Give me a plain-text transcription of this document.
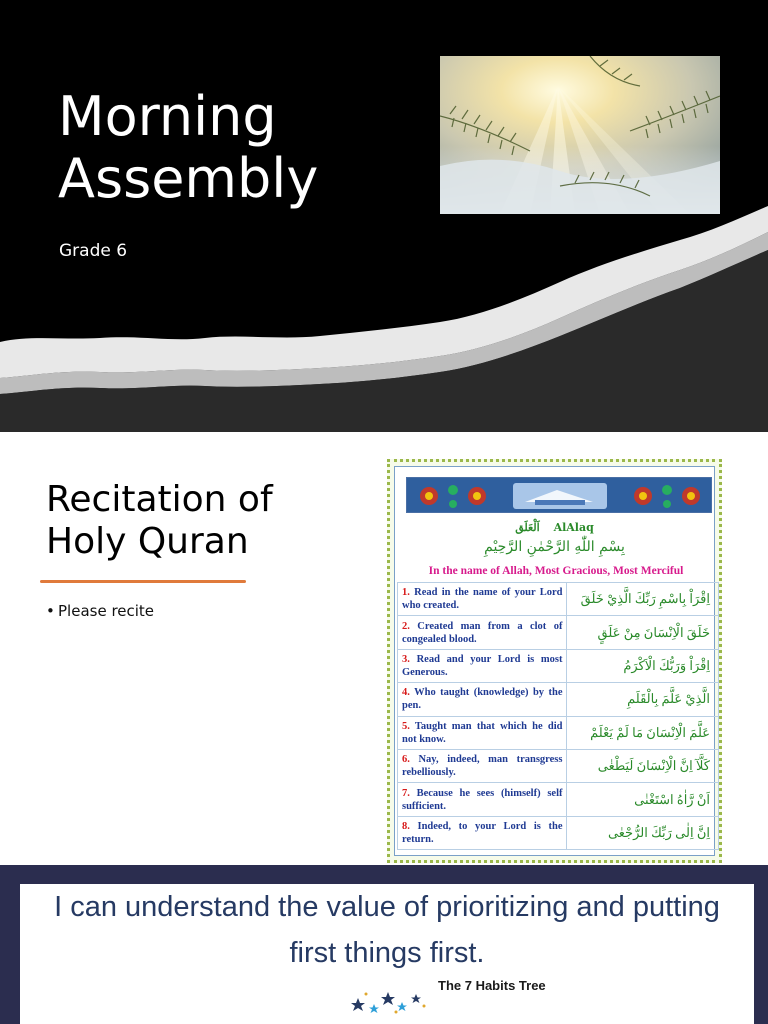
Morning
Assembly
Grade 6
Recitation of
Holy Quran
• Please recite
اَلْعَلَق AlAlaq
بِسْمِ اللّٰهِ الرَّحْمٰنِ الرَّحِيْمِ
In the name of Allah, Most Gracious, Most Merciful
1. Read in the name of your Lord who created.	اِقْرَاْ بِاسْمِ رَبِّكَ الَّذِيْ خَلَقَ
2. Created man from a clot of congealed blood.	خَلَقَ الْاِنْسَانَ مِنْ عَلَقٍ
3. Read and your Lord is most Generous.	اِقْرَاْ وَرَبُّكَ الْاَكْرَمُ
4. Who taught (knowledge) by the pen.	الَّذِيْ عَلَّمَ بِالْقَلَمِ
5. Taught man that which he did not know.	عَلَّمَ الْاِنْسَانَ مَا لَمْ يَعْلَمْ
6. Nay, indeed, man transgress rebelliously.	كَلَّآ اِنَّ الْاِنْسَانَ لَيَطْغٰى
7. Because he sees (himself) self sufficient.	اَنْ رَّاٰهُ اسْتَغْنٰى
8. Indeed, to your Lord is the return.	اِنَّ اِلٰى رَبِّكَ الرُّجْعٰى
I can understand the value of prioritizing and putting
first things first.
The 7 Habits Tree
